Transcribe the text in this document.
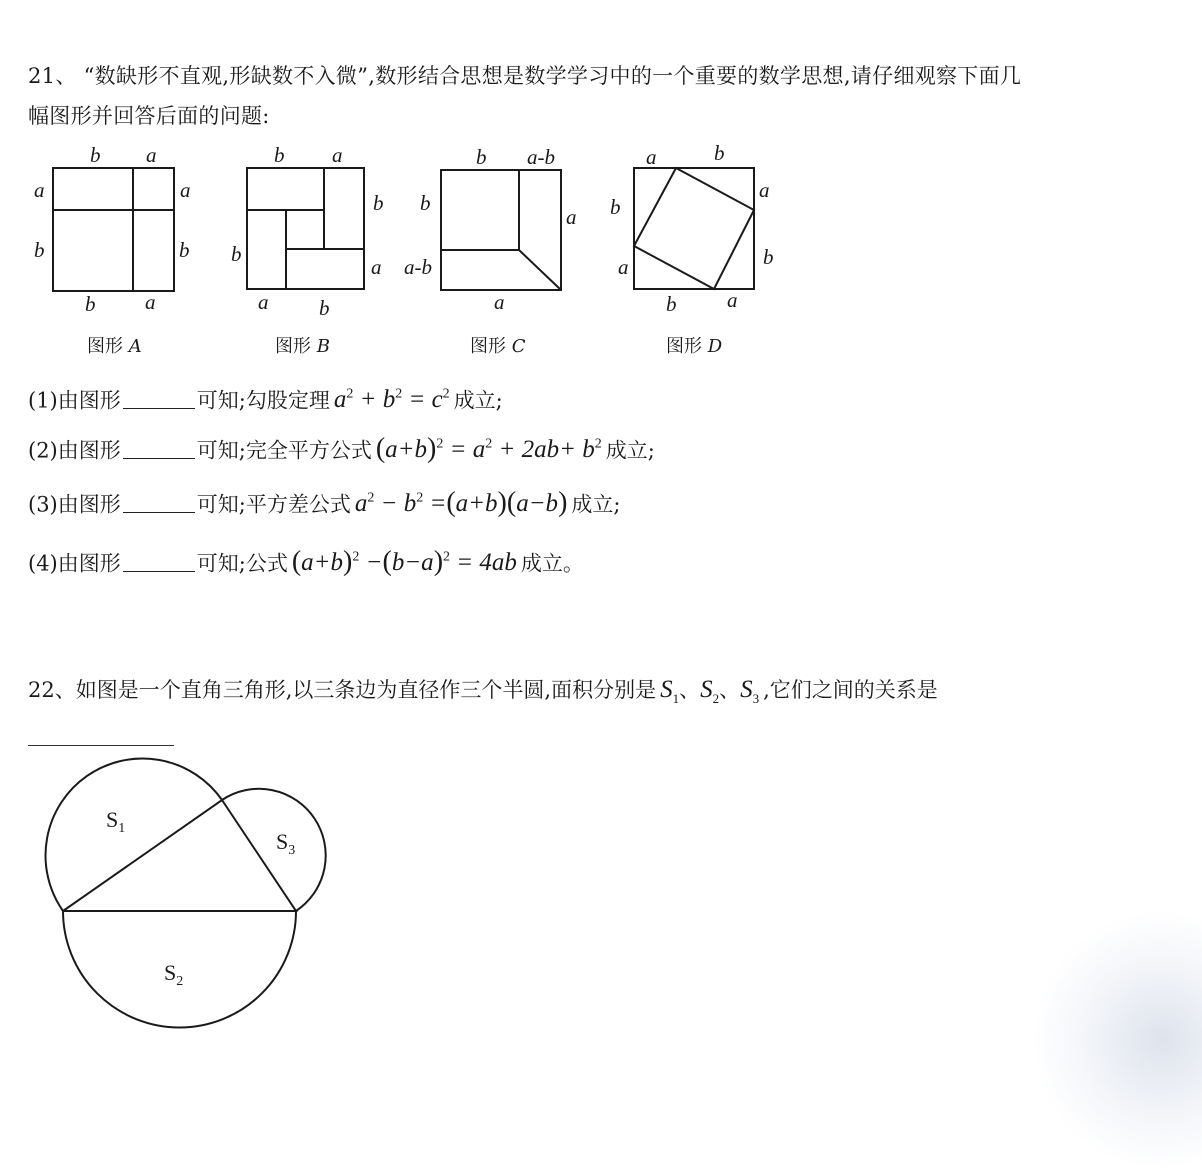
21、 “数缺形不直观,形缺数不入微”,数形结合思想是数学学习中的一个重要的数学思想,请仔细观察下面几
幅图形并回答后面的问题:
b a
a
b
a
b
b a
图形 A
b a
b
a
b
a b
图形 B
b a-b
b
a
a-b
a
图形 C
a	b
b
a
a	b
b a
图形 D
(1)由图形	可知;勾股定理 $a^2 + b^2 = c^2$ 成立;
(2)由图形	可知;完全平方公式 $(a+b)^2 = a^2 + 2ab+ b^2$ 成立;
(3)由图形	可知;平方差公式 $a^2 - b^2 =(a+b)(a-b)$ 成立;
(4)由图形	可知;公式 $(a+b)^2 -(b-a)^2 = 4ab$ 成立。
22、如图是一个直角三角形,以三条边为直径作三个半圆,面积分别是 $S_1$、$S_2$、$S_3$ ,它们之间的关系是
S1
S3
S2
